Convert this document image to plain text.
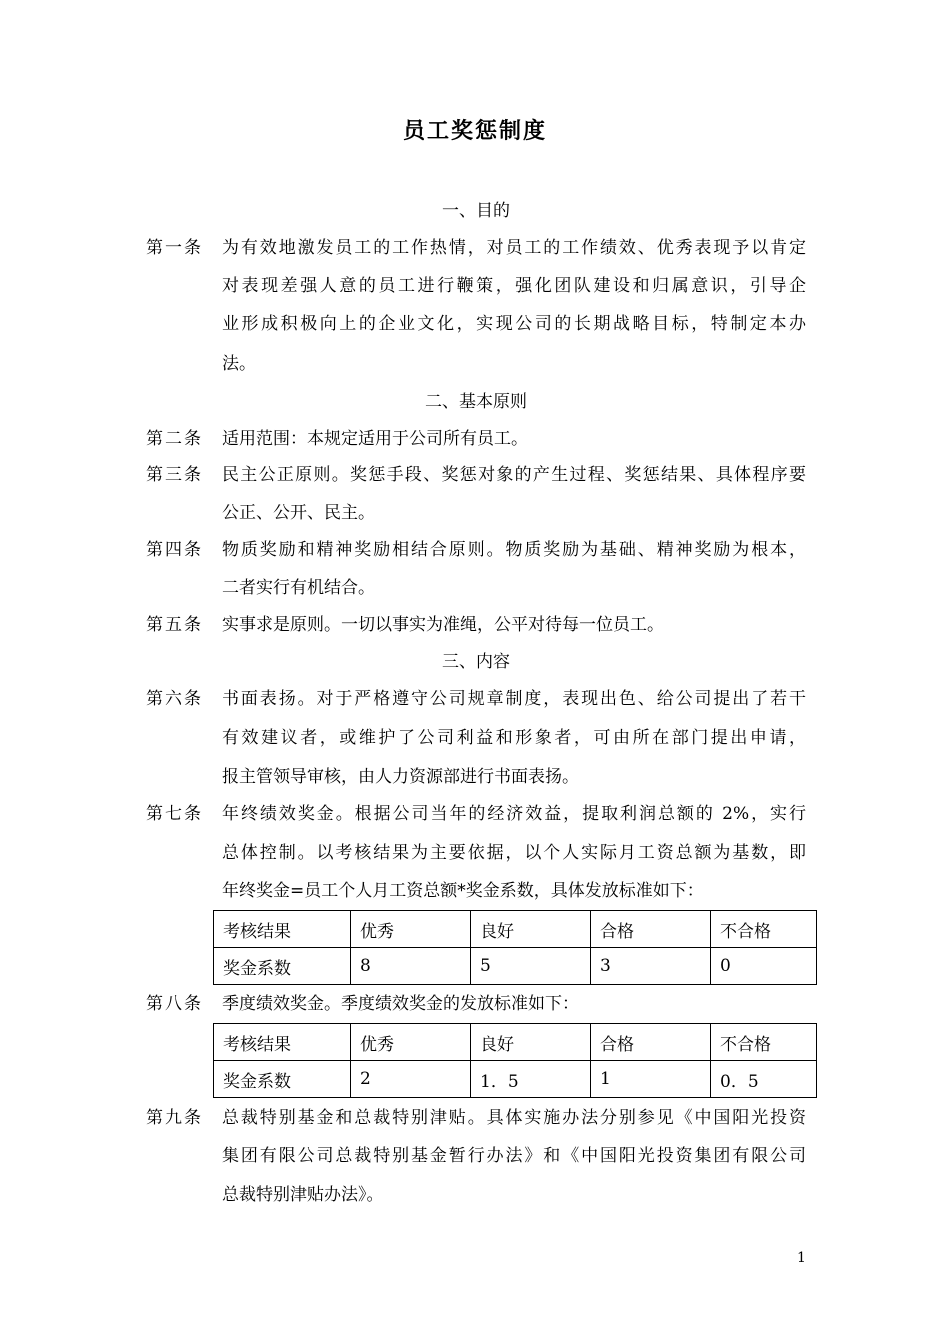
员工奖惩制度
一、目的
第一条 为有效地激发员工的工作热情，对员工的工作绩效、优秀表现予以肯定
对表现差强人意的员工进行鞭策，强化团队建设和归属意识，引导企
业形成积极向上的企业文化，实现公司的长期战略目标，特制定本办
法。
二、基本原则
第二条 适用范围：本规定适用于公司所有员工。
第三条 民主公正原则。奖惩手段、奖惩对象的产生过程、奖惩结果、具体程序要
公正、公开、民主。
第四条 物质奖励和精神奖励相结合原则。物质奖励为基础、精神奖励为根本，
二者实行有机结合。
第五条 实事求是原则。一切以事实为准绳，公平对待每一位员工。
三、内容
第六条 书面表扬。对于严格遵守公司规章制度，表现出色、给公司提出了若干
有效建议者，或维护了公司利益和形象者，可由所在部门提出申请，
报主管领导审核，由人力资源部进行书面表扬。
第七条 年终绩效奖金。根据公司当年的经济效益，提取利润总额的 2%，实行
总体控制。以考核结果为主要依据，以个人实际月工资总额为基数，即
年终奖金=员工个人月工资总额*奖金系数，具体发放标准如下：
考核结果	优秀	良好	合格	不合格
奖金系数	8	5	3	0
第八条 季度绩效奖金。季度绩效奖金的发放标准如下：
考核结果	优秀	良好	合格	不合格
奖金系数	2	1．5	1	0．5
第九条 总裁特别基金和总裁特别津贴。具体实施办法分别参见《中国阳光投资
集团有限公司总裁特别基金暂行办法》和《中国阳光投资集团有限公司
总裁特别津贴办法》。
1
